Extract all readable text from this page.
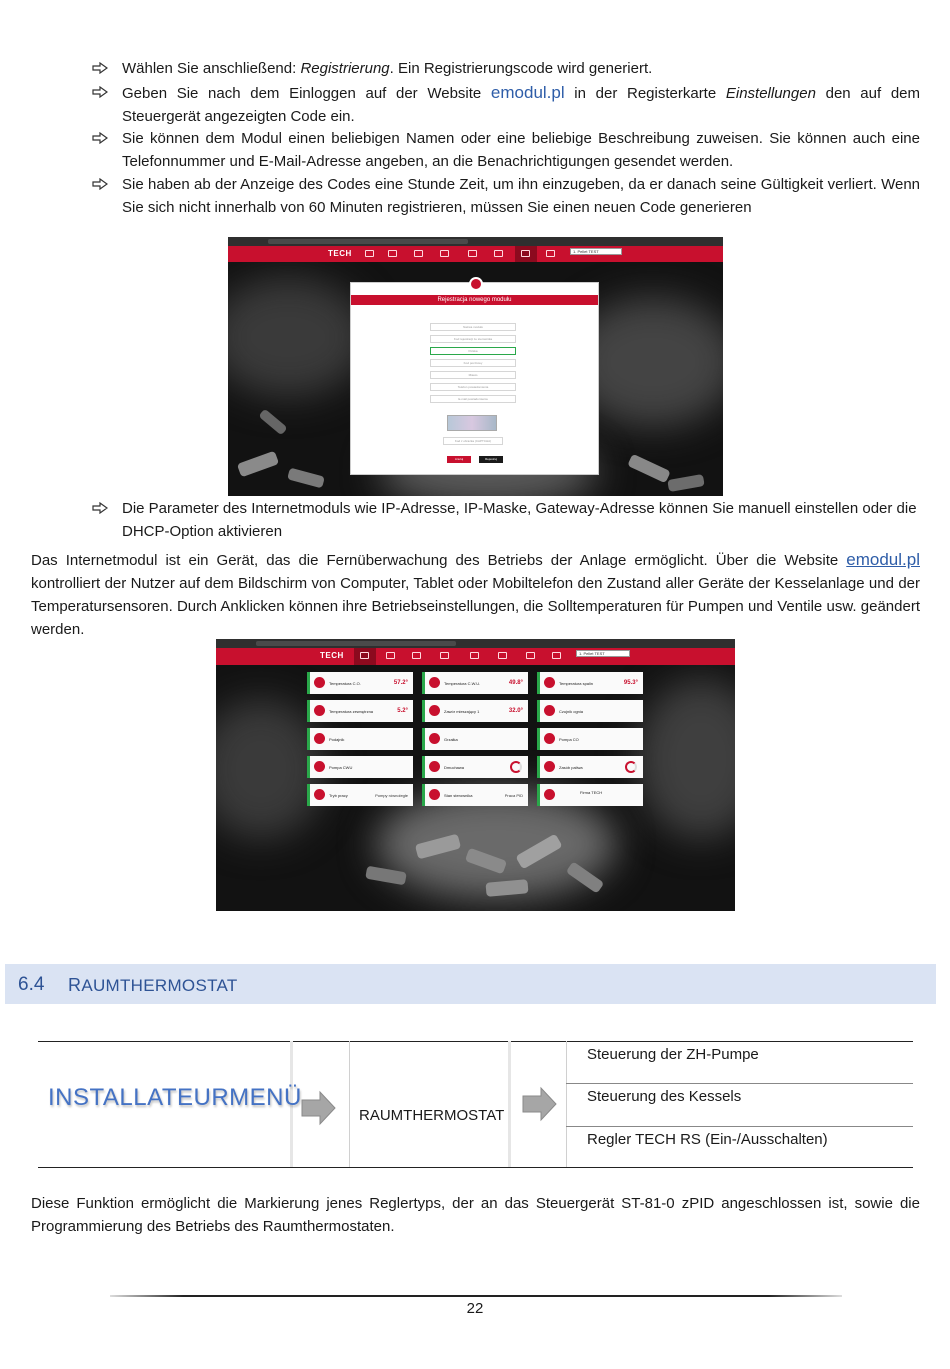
Wählen Sie anschließend: Registrierung. Ein Registrierungscode wird generiert.
Geben Sie nach dem Einloggen auf der Website emodul.pl in der Registerkarte Einstellungen den auf dem Steuergerät angezeigten Code ein.
Sie können dem Modul einen beliebigen Namen oder eine beliebige Beschreibung zuweisen. Sie können auch eine Telefonnummer und E-Mail-Adresse angeben, an die Benachrichtigungen gesendet werden.
Sie haben ab der Anzeige des Codes eine Stunde Zeit, um ihn einzugeben, da er danach seine Gültigkeit verliert. Wenn Sie sich nicht innerhalb von 60 Minuten registrieren, müssen Sie einen neuen Code generieren
TECH	1. Pellet TEST
Rejestracja nowego modułu
Nazwa modułu
Kod rejestracji ze sterownika
Polska
Kod pocztowy
Miasto
Telefon powiadomienia
E-mail powiadomienia
Kod z obrazka (CAPTCHA)
Anuluj	Rejestruj
Die Parameter des Internetmoduls wie IP-Adresse, IP-Maske, Gateway-Adresse können Sie manuell einstellen oder die DHCP-Option aktivieren
Das Internetmodul ist ein Gerät, das die Fernüberwachung des Betriebs der Anlage ermöglicht. Über die Website emodul.pl kontrolliert der Nutzer auf dem Bildschirm von Computer, Tablet oder Mobiltelefon den Zustand aller Geräte der Kesselanlage und der Temperatursensoren. Durch Anklicken können ihre Betriebseinstellungen, die Solltemperaturen für Pumpen und Ventile usw. geändert werden.
TECH	1. Pellet TEST
Temperatura C.O.	57.2°	Temperatura C.W.U.	49.8°	Temperatura spalin	95.3°
Temperatura zewnętrzna	5.2°	Zawór mieszający 1	32.0°	Czujnik ognia
Podajnik	Grzałka	Pompa CO
Pompa CWU	Dmuchawa	Zasób paliwa
Tryb pracy	Pompy równoległe	Stan sterownika	Praca PID
Firma TECH
6.4 RAUMTHERMOSTAT
INSTALLATEURMENÜ
RAUMTHERMOSTAT
Steuerung der ZH-Pumpe
Steuerung des Kessels
Regler TECH RS (Ein-/Ausschalten)
Diese Funktion ermöglicht die Markierung jenes Reglertyps, der an das Steuergerät ST-81-0 zPID angeschlossen ist, sowie die Programmierung des Betriebs des Raumthermostaten.
22
